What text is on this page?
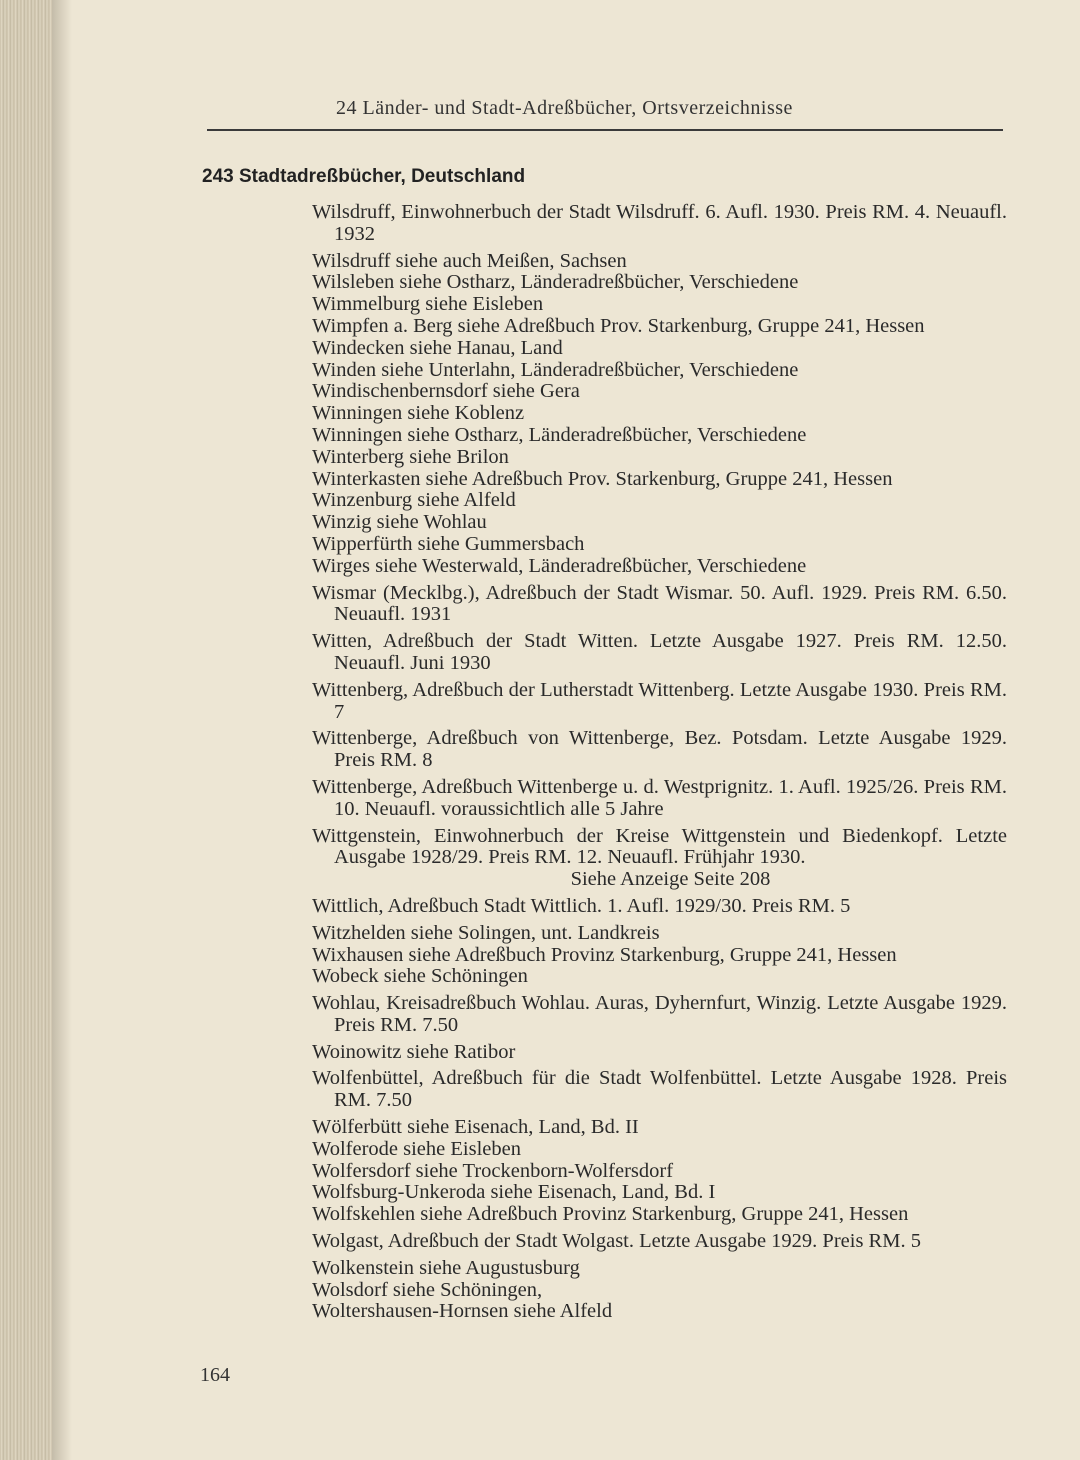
24 Länder- und Stadt-Adreßbücher, Ortsverzeichnisse
243 Stadtadreßbücher, Deutschland
Wilsdruff, Einwohnerbuch der Stadt Wilsdruff. 6. Aufl. 1930. Preis RM. 4. Neuaufl. 1932
Wilsdruff siehe auch Meißen, Sachsen
Wilsleben siehe Ostharz, Länderadreßbücher, Verschiedene
Wimmelburg siehe Eisleben
Wimpfen a. Berg siehe Adreßbuch Prov. Starkenburg, Gruppe 241, Hessen
Windecken siehe Hanau, Land
Winden siehe Unterlahn, Länderadreßbücher, Verschiedene
Windischenbernsdorf siehe Gera
Winningen siehe Koblenz
Winningen siehe Ostharz, Länderadreßbücher, Verschiedene
Winterberg siehe Brilon
Winterkasten siehe Adreßbuch Prov. Starkenburg, Gruppe 241, Hessen
Winzenburg siehe Alfeld
Winzig siehe Wohlau
Wipperfürth siehe Gummersbach
Wirges siehe Westerwald, Länderadreßbücher, Verschiedene
Wismar (Mecklbg.), Adreßbuch der Stadt Wismar. 50. Aufl. 1929. Preis RM. 6.50. Neuaufl. 1931
Witten, Adreßbuch der Stadt Witten. Letzte Ausgabe 1927. Preis RM. 12.50. Neuaufl. Juni 1930
Wittenberg, Adreßbuch der Lutherstadt Wittenberg. Letzte Ausgabe 1930. Preis RM. 7
Wittenberge, Adreßbuch von Wittenberge, Bez. Potsdam. Letzte Ausgabe 1929. Preis RM. 8
Wittenberge, Adreßbuch Wittenberge u. d. Westprignitz. 1. Aufl. 1925/26. Preis RM. 10. Neuaufl. voraussichtlich alle 5 Jahre
Wittgenstein, Einwohnerbuch der Kreise Wittgenstein und Biedenkopf. Letzte Ausgabe 1928/29. Preis RM. 12. Neuaufl. Frühjahr 1930.
Siehe Anzeige Seite 208
Wittlich, Adreßbuch Stadt Wittlich. 1. Aufl. 1929/30. Preis RM. 5
Witzhelden siehe Solingen, unt. Landkreis
Wixhausen siehe Adreßbuch Provinz Starkenburg, Gruppe 241, Hessen
Wobeck siehe Schöningen
Wohlau, Kreisadreßbuch Wohlau. Auras, Dyhernfurt, Winzig. Letzte Ausgabe 1929. Preis RM. 7.50
Woinowitz siehe Ratibor
Wolfenbüttel, Adreßbuch für die Stadt Wolfenbüttel. Letzte Ausgabe 1928. Preis RM. 7.50
Wölferbütt siehe Eisenach, Land, Bd. II
Wolferode siehe Eisleben
Wolfersdorf siehe Trockenborn-Wolfersdorf
Wolfsburg-Unkeroda siehe Eisenach, Land, Bd. I
Wolfskehlen siehe Adreßbuch Provinz Starkenburg, Gruppe 241, Hessen
Wolgast, Adreßbuch der Stadt Wolgast. Letzte Ausgabe 1929. Preis RM. 5
Wolkenstein siehe Augustusburg
Wolsdorf siehe Schöningen,
Woltershausen-Hornsen siehe Alfeld
164
